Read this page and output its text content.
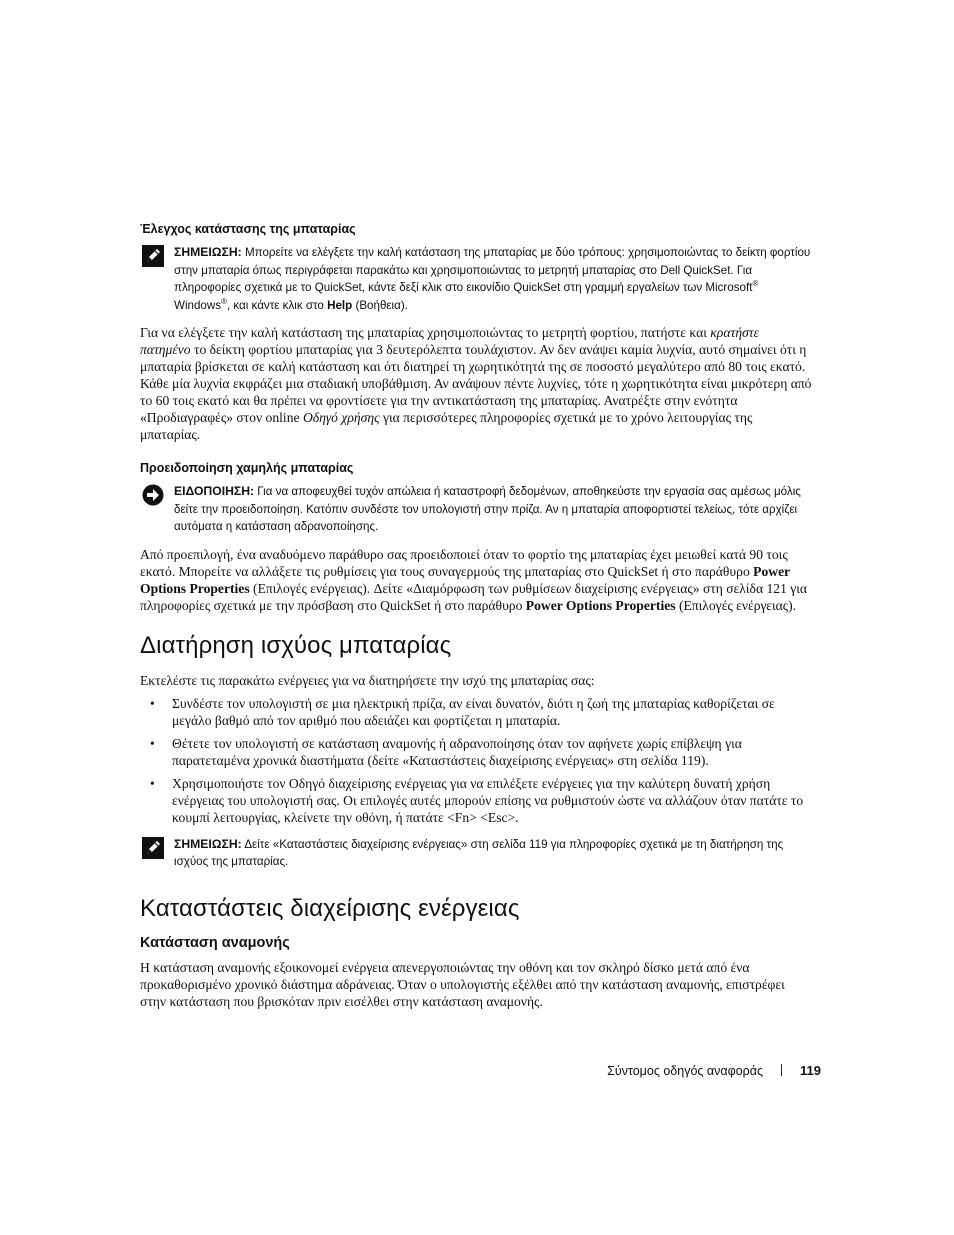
Έλεγχος κατάστασης της μπαταρίας
ΣΗΜΕΙΩΣΗ: Μπορείτε να ελέγξετε την καλή κατάσταση της μπαταρίας με δύο τρόπους: χρησιμοποιώντας το δείκτη φορτίου στην μπαταρία όπως περιγράφεται παρακάτω και χρησιμοποιώντας το μετρητή μπαταρίας στο Dell QuickSet. Για πληροφορίες σχετικά με το QuickSet, κάντε δεξί κλικ στο εικονίδιο QuickSet στη γραμμή εργαλείων των Microsoft® Windows®, και κάντε κλικ στο Help (Βοήθεια).

Για να ελέγξετε την καλή κατάσταση της μπαταρίας χρησιμοποιώντας το μετρητή φορτίου, πατήστε και κρατήστε πατημένο το δείκτη φορτίου μπαταρίας για 3 δευτερόλεπτα τουλάχιστον. Αν δεν ανάψει καμία λυχνία, αυτό σημαίνει ότι η μπαταρία βρίσκεται σε καλή κατάσταση και ότι διατηρεί τη χωρητικότητά της σε ποσοστό μεγαλύτερο από 80 τοις εκατό. Κάθε μία λυχνία εκφράζει μια σταδιακή υποβάθμιση. Αν ανάψουν πέντε λυχνίες, τότε η χωρητικότητα είναι μικρότερη από το 60 τοις εκατό και θα πρέπει να φροντίσετε για την αντικατάσταση της μπαταρίας. Ανατρέξτε στην ενότητα «Προδιαγραφές» στον online Οδηγό χρήσης για περισσότερες πληροφορίες σχετικά με το χρόνο λειτουργίας της μπαταρίας.

Προειδοποίηση χαμηλής μπαταρίας
ΕΙΔΟΠΟΙΗΣΗ: Για να αποφευχθεί τυχόν απώλεια ή καταστροφή δεδομένων, αποθηκεύστε την εργασία σας αμέσως μόλις δείτε την προειδοποίηση. Κατόπιν συνδέστε τον υπολογιστή στην πρίζα. Αν η μπαταρία αποφορτιστεί τελείως, τότε αρχίζει αυτόματα η κατάσταση αδρανοποίησης.

Από προεπιλογή, ένα αναδυόμενο παράθυρο σας προειδοποιεί όταν το φορτίο της μπαταρίας έχει μειωθεί κατά 90 τοις εκατό. Μπορείτε να αλλάξετε τις ρυθμίσεις για τους συναγερμούς της μπαταρίας στο QuickSet ή στο παράθυρο Power Options Properties (Επιλογές ενέργειας). Δείτε «Διαμόρφωση των ρυθμίσεων διαχείρισης ενέργειας» στη σελίδα 121 για πληροφορίες σχετικά με την πρόσβαση στο QuickSet ή στο παράθυρο Power Options Properties (Επιλογές ενέργειας).

Διατήρηση ισχύος μπαταρίας

Εκτελέστε τις παρακάτω ενέργειες για να διατηρήσετε την ισχύ της μπαταρίας σας:

• Συνδέστε τον υπολογιστή σε μια ηλεκτρική πρίζα, αν είναι δυνατόν, διότι η ζωή της μπαταρίας καθορίζεται σε μεγάλο βαθμό από τον αριθμό που αδειάζει και φορτίζεται η μπαταρία.
• Θέτετε τον υπολογιστή σε κατάσταση αναμονής ή αδρανοποίησης όταν τον αφήνετε χωρίς επίβλεψη για παρατεταμένα χρονικά διαστήματα (δείτε «Καταστάστεις διαχείρισης ενέργειας» στη σελίδα 119).
• Χρησιμοποιήστε τον Οδηγό διαχείρισης ενέργειας για να επιλέξετε ενέργειες για την καλύτερη δυνατή χρήση ενέργειας του υπολογιστή σας. Οι επιλογές αυτές μπορούν επίσης να ρυθμιστούν ώστε να αλλάζουν όταν πατάτε το κουμπί λειτουργίας, κλείνετε την οθόνη, ή πατάτε <Fn> <Esc>.
ΣΗΜΕΙΩΣΗ: Δείτε «Καταστάστεις διαχείρισης ενέργειας» στη σελίδα 119 για πληροφορίες σχετικά με τη διατήρηση της ισχύος της μπαταρίας.
Καταστάστεις διαχείρισης ενέργειας
Κατάσταση αναμονής

Η κατάσταση αναμονής εξοικονομεί ενέργεια απενεργοποιώντας την οθόνη και τον σκληρό δίσκο μετά από ένα προκαθορισμένο χρονικό διάστημα αδράνειας. Όταν ο υπολογιστής εξέλθει από την κατάσταση αναμονής, επιστρέφει στην κατάσταση που βρισκόταν πριν εισέλθει στην κατάσταση αναμονής.

Σύντομος οδηγός αναφοράς	119
